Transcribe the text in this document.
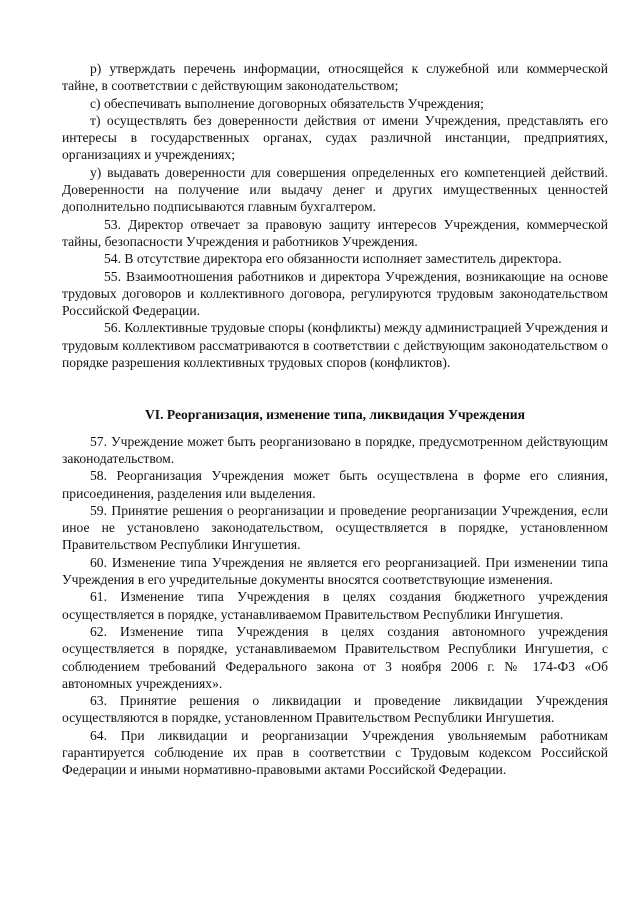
р) утверждать перечень информации, относящейся к служебной или коммерческой тайне, в соответствии с действующим законодательством;

с) обеспечивать выполнение договорных обязательств Учреждения;

т) осуществлять без доверенности действия от имени Учреждения, представлять его интересы в государственных органах, судах различной инстанции, предприятиях, организациях и учреждениях;

у) выдавать доверенности для совершения определенных его компетенцией действий. Доверенности на получение или выдачу денег и других имущественных ценностей дополнительно подписываются главным бухгалтером.

53. Директор отвечает за правовую защиту интересов Учреждения, коммерческой тайны, безопасности Учреждения и работников Учреждения.

54. В отсутствие директора его обязанности исполняет заместитель директора.

55. Взаимоотношения работников и директора Учреждения, возникающие на основе трудовых договоров и коллективного договора, регулируются трудовым законодательством Российской Федерации.

56. Коллективные трудовые споры (конфликты) между администрацией Учреждения и трудовым коллективом рассматриваются в соответствии с действующим законодательством о порядке разрешения коллективных трудовых споров (конфликтов).

VI. Реорганизация, изменение типа, ликвидация Учреждения

57. Учреждение может быть реорганизовано в порядке, предусмотренном действующим законодательством.

58. Реорганизация Учреждения может быть осуществлена в форме его слияния, присоединения, разделения или выделения.

59. Принятие решения о реорганизации и проведение реорганизации Учреждения, если иное не установлено законодательством, осуществляется в порядке, установленном Правительством Республики Ингушетия.

60. Изменение типа Учреждения не является его реорганизацией. При изменении типа Учреждения в его учредительные документы вносятся соответствующие изменения.

61. Изменение типа Учреждения в целях создания бюджетного учреждения осуществляется в порядке, устанавливаемом Правительством Республики Ингушетия.

62. Изменение типа Учреждения в целях создания автономного учреждения осуществляется в порядке, устанавливаемом Правительством Республики Ингушетия, с соблюдением требований Федерального закона от 3 ноября 2006 г. № 174-ФЗ «Об автономных учреждениях».

63. Принятие решения о ликвидации и проведение ликвидации Учреждения осуществляются в порядке, установленном Правительством Республики Ингушетия.

64. При ликвидации и реорганизации Учреждения увольняемым работникам гарантируется соблюдение их прав в соответствии с Трудовым кодексом Российской Федерации и иными нормативно-правовыми актами Российской Федерации.
